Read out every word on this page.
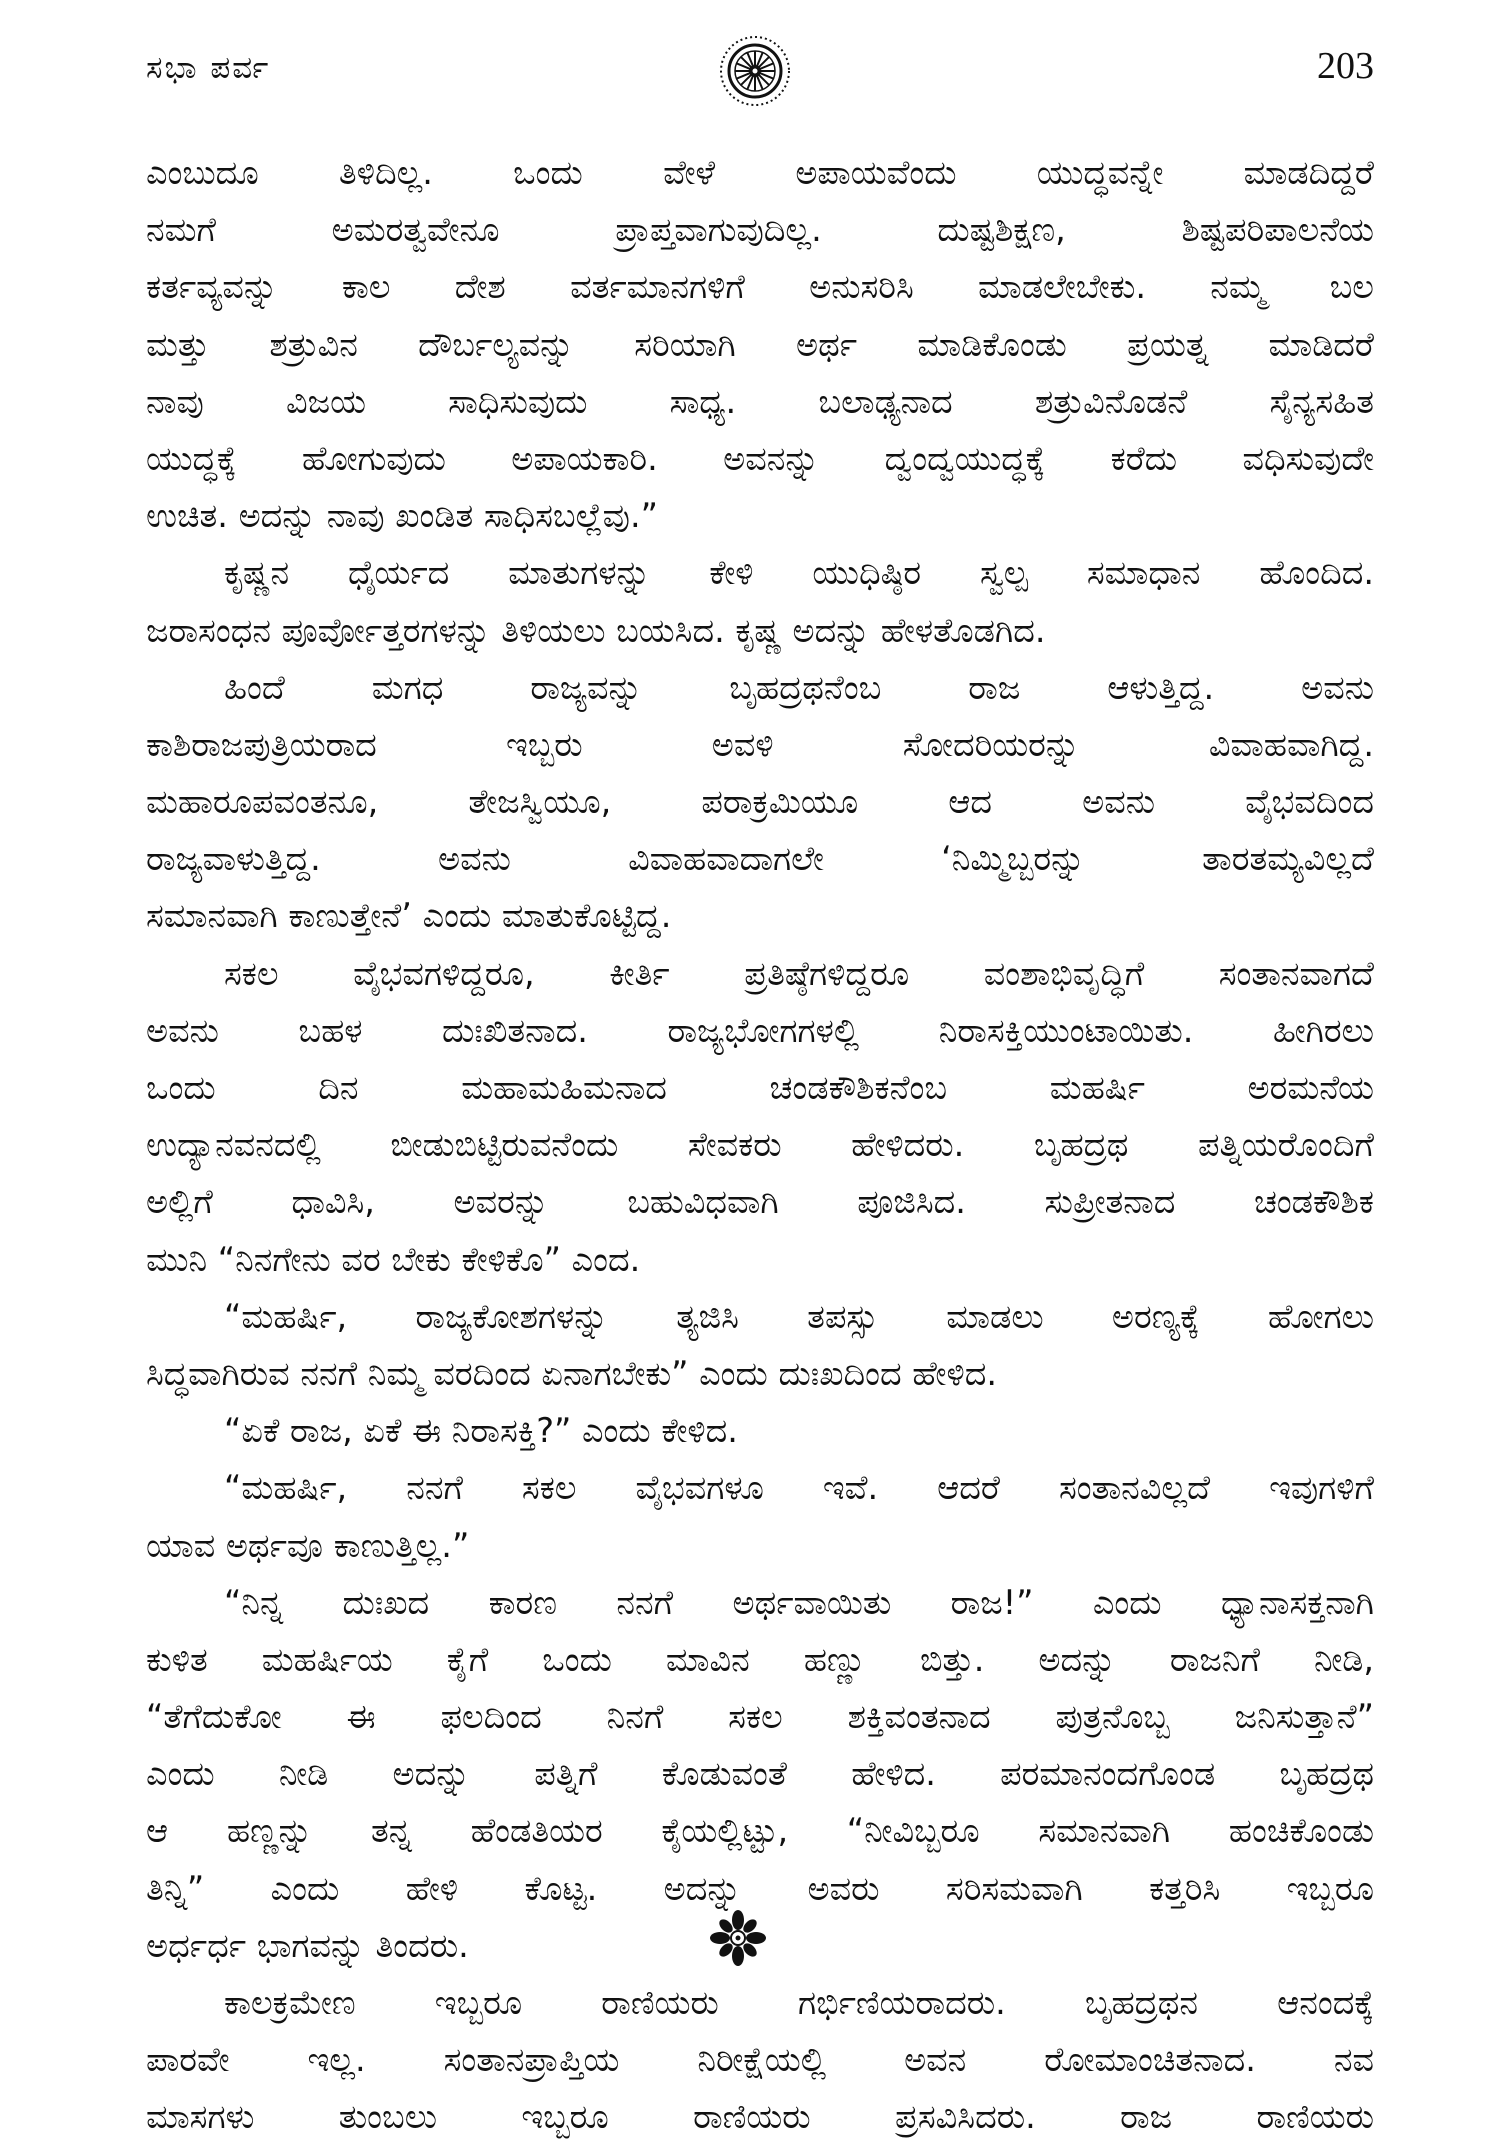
ಸಭಾ ಪರ್ವ	203

ಎಂಬುದೂ ತಿಳಿದಿಲ್ಲ. ಒಂದು ವೇಳೆ ಅಪಾಯವೆಂದು ಯುದ್ಧವನ್ನೇ ಮಾಡದಿದ್ದರೆ
ನಮಗೆ ಅಮರತ್ವವೇನೂ ಪ್ರಾಪ್ತವಾಗುವುದಿಲ್ಲ. ದುಷ್ಟಶಿಕ್ಷಣ, ಶಿಷ್ಟಪರಿಪಾಲನೆಯ
ಕರ್ತವ್ಯವನ್ನು ಕಾಲ ದೇಶ ವರ್ತಮಾನಗಳಿಗೆ ಅನುಸರಿಸಿ ಮಾಡಲೇಬೇಕು. ನಮ್ಮ ಬಲ
ಮತ್ತು ಶತ್ರುವಿನ ದೌರ್ಬಲ್ಯವನ್ನು ಸರಿಯಾಗಿ ಅರ್ಥ ಮಾಡಿಕೊಂಡು ಪ್ರಯತ್ನ ಮಾಡಿದರೆ
ನಾವು ವಿಜಯ ಸಾಧಿಸುವುದು ಸಾಧ್ಯ. ಬಲಾಢ್ಯನಾದ ಶತ್ರುವಿನೊಡನೆ ಸೈನ್ಯಸಹಿತ
ಯುದ್ಧಕ್ಕೆ ಹೋಗುವುದು ಅಪಾಯಕಾರಿ. ಅವನನ್ನು ದ್ವಂದ್ವಯುದ್ಧಕ್ಕೆ ಕರೆದು ವಧಿಸುವುದೇ
ಉಚಿತ. ಅದನ್ನು ನಾವು ಖಂಡಿತ ಸಾಧಿಸಬಲ್ಲೆವು.”

ಕೃಷ್ಣನ ಧೈರ್ಯದ ಮಾತುಗಳನ್ನು ಕೇಳಿ ಯುಧಿಷ್ಠಿರ ಸ್ವಲ್ಪ ಸಮಾಧಾನ ಹೊಂದಿದ.
ಜರಾಸಂಧನ ಪೂರ್ವೋತ್ತರಗಳನ್ನು ತಿಳಿಯಲು ಬಯಸಿದ. ಕೃಷ್ಣ ಅದನ್ನು ಹೇಳತೊಡಗಿದ.

ಹಿಂದೆ ಮಗಧ ರಾಜ್ಯವನ್ನು ಬೃಹದ್ರಥನೆಂಬ ರಾಜ ಆಳುತ್ತಿದ್ದ. ಅವನು
ಕಾಶಿರಾಜಪುತ್ರಿಯರಾದ ಇಬ್ಬರು ಅವಳಿ ಸೋದರಿಯರನ್ನು ವಿವಾಹವಾಗಿದ್ದ.
ಮಹಾರೂಪವಂತನೂ, ತೇಜಸ್ವಿಯೂ, ಪರಾಕ್ರಮಿಯೂ ಆದ ಅವನು ವೈಭವದಿಂದ
ರಾಜ್ಯವಾಳುತ್ತಿದ್ದ. ಅವನು ವಿವಾಹವಾದಾಗಲೇ ‘ನಿಮ್ಮಿಬ್ಬರನ್ನು ತಾರತಮ್ಯವಿಲ್ಲದೆ
ಸಮಾನವಾಗಿ ಕಾಣುತ್ತೇನೆ’ ಎಂದು ಮಾತುಕೊಟ್ಟಿದ್ದ.

ಸಕಲ ವೈಭವಗಳಿದ್ದರೂ, ಕೀರ್ತಿ ಪ್ರತಿಷ್ಠೆಗಳಿದ್ದರೂ ವಂಶಾಭಿವೃದ್ಧಿಗೆ ಸಂತಾನವಾಗದೆ
ಅವನು ಬಹಳ ದುಃಖಿತನಾದ. ರಾಜ್ಯಭೋಗಗಳಲ್ಲಿ ನಿರಾಸಕ್ತಿಯುಂಟಾಯಿತು. ಹೀಗಿರಲು
ಒಂದು ದಿನ ಮಹಾಮಹಿಮನಾದ ಚಂಡಕೌಶಿಕನೆಂಬ ಮಹರ್ಷಿ ಅರಮನೆಯ
ಉದ್ಯಾನವನದಲ್ಲಿ ಬೀಡುಬಿಟ್ಟಿರುವನೆಂದು ಸೇವಕರು ಹೇಳಿದರು. ಬೃಹದ್ರಥ ಪತ್ನಿಯರೊಂದಿಗೆ
ಅಲ್ಲಿಗೆ ಧಾವಿಸಿ, ಅವರನ್ನು ಬಹುವಿಧವಾಗಿ ಪೂಜಿಸಿದ. ಸುಪ್ರೀತನಾದ ಚಂಡಕೌಶಿಕ
ಮುನಿ “ನಿನಗೇನು ವರ ಬೇಕು ಕೇಳಿಕೊ” ಎಂದ.

“ಮಹರ್ಷಿ, ರಾಜ್ಯಕೋಶಗಳನ್ನು ತ್ಯಜಿಸಿ ತಪಸ್ಸು ಮಾಡಲು ಅರಣ್ಯಕ್ಕೆ ಹೋಗಲು
ಸಿದ್ಧವಾಗಿರುವ ನನಗೆ ನಿಮ್ಮ ವರದಿಂದ ಏನಾಗಬೇಕು” ಎಂದು ದುಃಖದಿಂದ ಹೇಳಿದ.

“ಏಕೆ ರಾಜ, ಏಕೆ ಈ ನಿರಾಸಕ್ತಿ?” ಎಂದು ಕೇಳಿದ.

“ಮಹರ್ಷಿ, ನನಗೆ ಸಕಲ ವೈಭವಗಳೂ ಇವೆ. ಆದರೆ ಸಂತಾನವಿಲ್ಲದೆ ಇವುಗಳಿಗೆ
ಯಾವ ಅರ್ಥವೂ ಕಾಣುತ್ತಿಲ್ಲ.”

“ನಿನ್ನ ದುಃಖದ ಕಾರಣ ನನಗೆ ಅರ್ಥವಾಯಿತು ರಾಜ!” ಎಂದು ಧ್ಯಾನಾಸಕ್ತನಾಗಿ
ಕುಳಿತ ಮಹರ್ಷಿಯ ಕೈಗೆ ಒಂದು ಮಾವಿನ ಹಣ್ಣು ಬಿತ್ತು. ಅದನ್ನು ರಾಜನಿಗೆ ನೀಡಿ,
“ತೆಗೆದುಕೋ ಈ ಫಲದಿಂದ ನಿನಗೆ ಸಕಲ ಶಕ್ತಿವಂತನಾದ ಪುತ್ರನೊಬ್ಬ ಜನಿಸುತ್ತಾನೆ”
ಎಂದು ನೀಡಿ ಅದನ್ನು ಪತ್ನಿಗೆ ಕೊಡುವಂತೆ ಹೇಳಿದ. ಪರಮಾನಂದಗೊಂಡ ಬೃಹದ್ರಥ
ಆ ಹಣ್ಣನ್ನು ತನ್ನ ಹೆಂಡತಿಯರ ಕೈಯಲ್ಲಿಟ್ಟು, “ನೀವಿಬ್ಬರೂ ಸಮಾನವಾಗಿ ಹಂಚಿಕೊಂಡು
ತಿನ್ನಿ” ಎಂದು ಹೇಳಿ ಕೊಟ್ಟ. ಅದನ್ನು ಅವರು ಸರಿಸಮವಾಗಿ ಕತ್ತರಿಸಿ ಇಬ್ಬರೂ
ಅರ್ಧರ್ಧ ಭಾಗವನ್ನು ತಿಂದರು.

ಕಾಲಕ್ರಮೇಣ ಇಬ್ಬರೂ ರಾಣಿಯರು ಗರ್ಭಿಣಿಯರಾದರು. ಬೃಹದ್ರಥನ ಆನಂದಕ್ಕೆ
ಪಾರವೇ ಇಲ್ಲ. ಸಂತಾನಪ್ರಾಪ್ತಿಯ ನಿರೀಕ್ಷೆಯಲ್ಲಿ ಅವನ ರೋಮಾಂಚಿತನಾದ. ನವ
ಮಾಸಗಳು ತುಂಬಲು ಇಬ್ಬರೂ ರಾಣಿಯರು ಪ್ರಸವಿಸಿದರು. ರಾಜ ರಾಣಿಯರು
